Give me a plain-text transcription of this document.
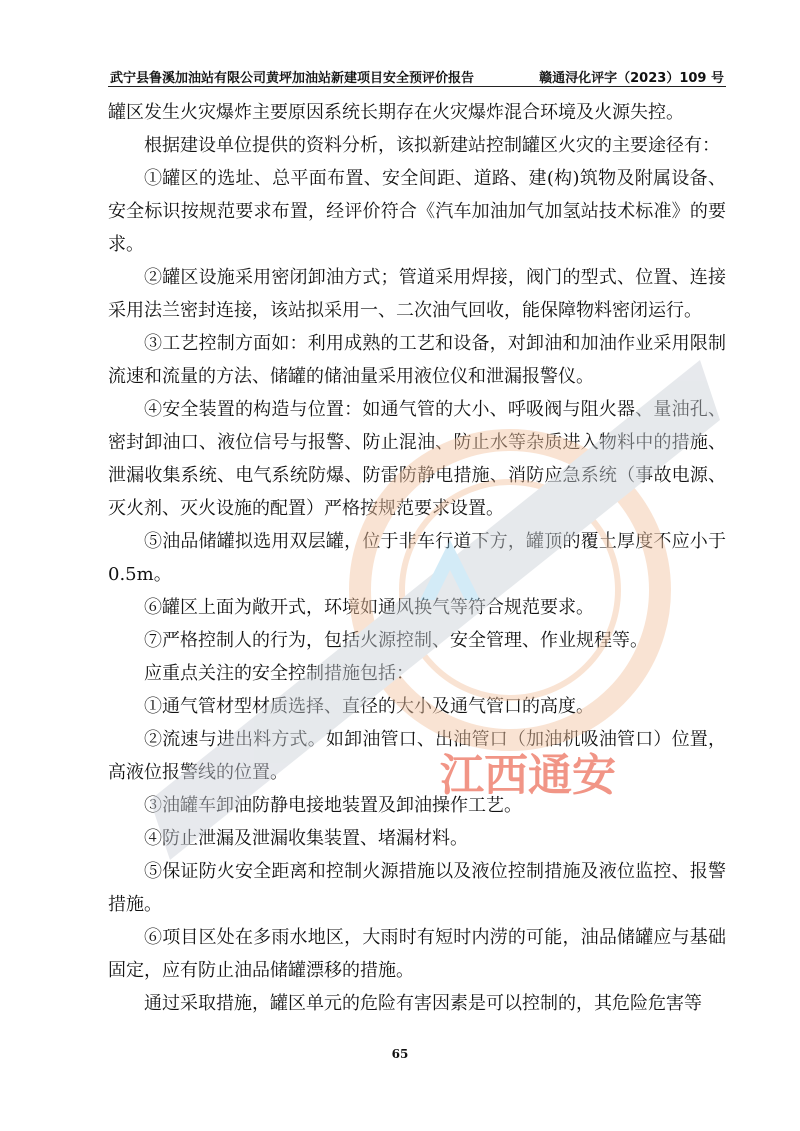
武宁县鲁溪加油站有限公司黄坪加油站新建项目安全预评价报告	赣通浔化评字（2023）109 号

罐区发生火灾爆炸主要原因系统长期存在火灾爆炸混合环境及火源失控。

根据建设单位提供的资料分析，该拟新建站控制罐区火灾的主要途径有：

①罐区的选址、总平面布置、安全间距、道路、建(构)筑物及附属设备、安全标识按规范要求布置，经评价符合《汽车加油加气加氢站技术标准》的要求。

②罐区设施采用密闭卸油方式；管道采用焊接，阀门的型式、位置、连接采用法兰密封连接，该站拟采用一、二次油气回收，能保障物料密闭运行。

③工艺控制方面如：利用成熟的工艺和设备，对卸油和加油作业采用限制流速和流量的方法、储罐的储油量采用液位仪和泄漏报警仪。

④安全装置的构造与位置：如通气管的大小、呼吸阀与阻火器、量油孔、密封卸油口、液位信号与报警、防止混油、防止水等杂质进入物料中的措施、泄漏收集系统、电气系统防爆、防雷防静电措施、消防应急系统（事故电源、灭火剂、灭火设施的配置）严格按规范要求设置。

⑤油品储罐拟选用双层罐，位于非车行道下方，罐顶的覆土厚度不应小于 0.5m。

⑥罐区上面为敞开式，环境如通风换气等符合规范要求。

⑦严格控制人的行为，包括火源控制、安全管理、作业规程等。

应重点关注的安全控制措施包括：

①通气管材型材质选择、直径的大小及通气管口的高度。

②流速与进出料方式。如卸油管口、出油管口（加油机吸油管口）位置，高液位报警线的位置。

③油罐车卸油防静电接地装置及卸油操作工艺。

④防止泄漏及泄漏收集装置、堵漏材料。

⑤保证防火安全距离和控制火源措施以及液位控制措施及液位监控、报警措施。

⑥项目区处在多雨水地区，大雨时有短时内涝的可能，油品储罐应与基础固定，应有防止油品储罐漂移的措施。

通过采取措施，罐区单元的危险有害因素是可以控制的，其危险危害等

江西通安
65
